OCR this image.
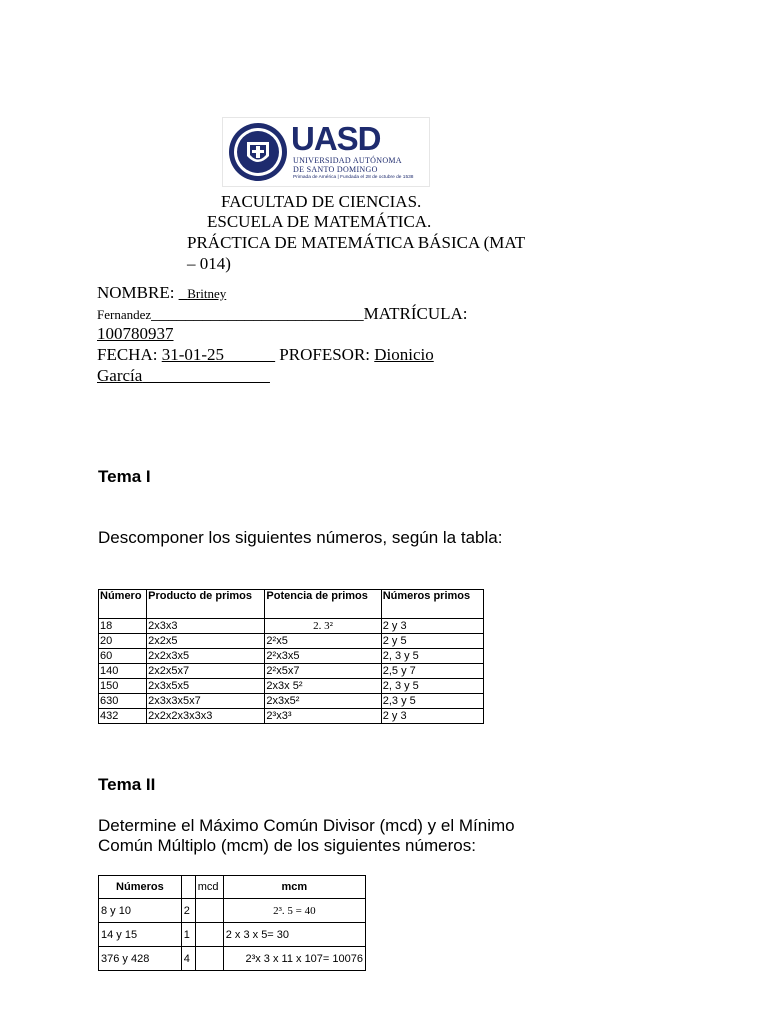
UASD
UNIVERSIDAD AUTÓNOMA
DE SANTO DOMINGO
Primada de América | Fundada el 28 de octubre de 1538
FACULTAD DE CIENCIAS.
ESCUELA DE MATEMÁTICA.
PRÁCTICA DE MATEMÁTICA BÁSICA (MAT
– 014)
NOMBRE: _Britney
Fernandez_________________________MATRÍCULA:
100780937
FECHA: 31-01-25______ PROFESOR: Dionicio
García_______________
Tema I
Descomponer los siguientes números, según la tabla:
Número	Producto de primos	Potencia de primos	Números primos
18	2x3x3	2. 3²	2 y 3
20	2x2x5	2²x5	2 y 5
60	2x2x3x5	2²x3x5	2, 3 y 5
140	2x2x5x7	2²x5x7	2,5 y 7
150	2x3x5x5	2x3x 5²	2, 3 y 5
630	2x3x3x5x7	2x3x5²	2,3 y 5
432	2x2x2x3x3x3	2³x3³	2 y 3
Tema II
Determine el Máximo Común Divisor (mcd) y el Mínimo
Común Múltiplo (mcm) de los siguientes números:
Números		mcd	mcm
8 y 10	2		2³. 5 = 40
14 y 15	1		2 x 3 x 5= 30
376 y 428	4		2³x 3 x 11 x 107= 10076
